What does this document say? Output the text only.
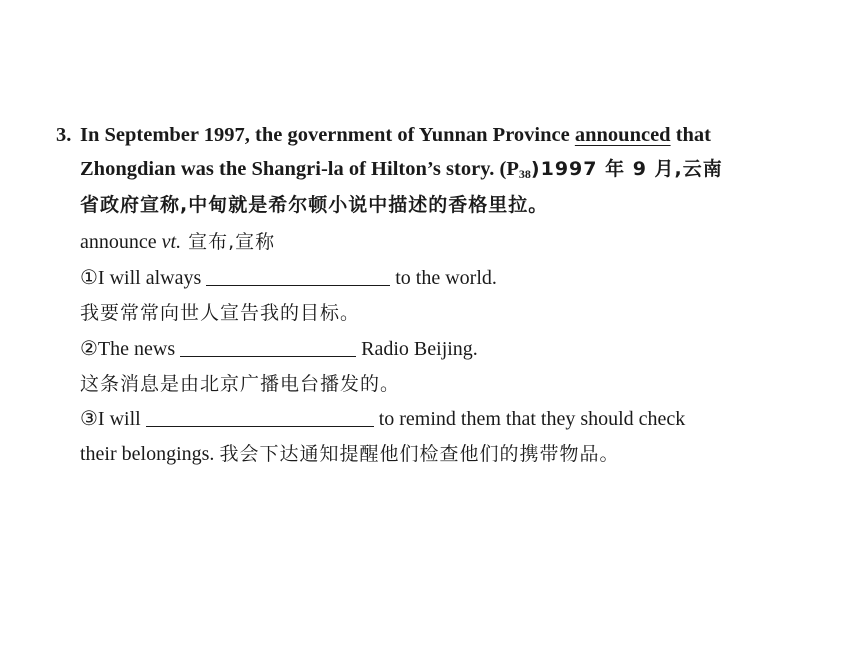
3. In September 1997, the government of Yunnan Province announced that
Zhongdian was the Shangri-la of Hilton’s story. $(P_{38})1997$ 年 9 月,云南
省政府宣称,中甸就是希尔顿小说中描述的香格里拉。
announce vt. 宣布,宣称
①I will always	to the world.
我要常常向世人宣告我的目标。
②The news	Radio Beijing.
这条消息是由北京广播电台播发的。
③I will	to remind them that they should check
their belongings. 我会下达通知提醒他们检查他们的携带物品。
